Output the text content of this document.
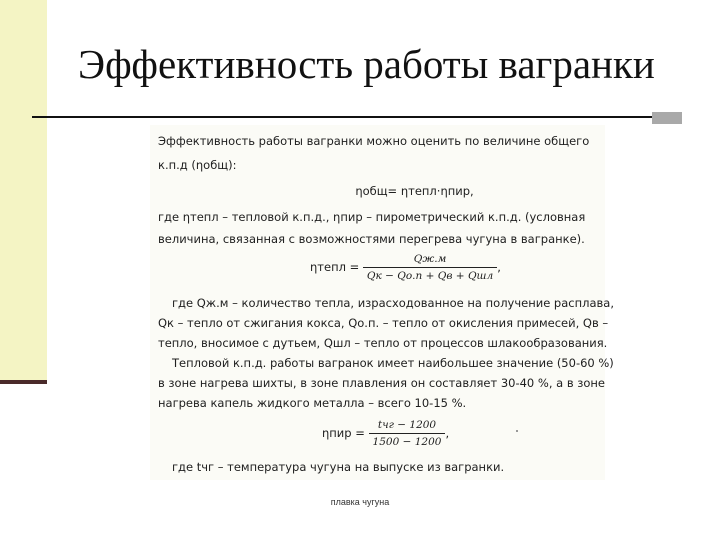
Эффективность работы вагранки
Эффективность работы вагранки можно оценить по величине общего
к.п.д (ηобщ):
ηобщ= ηтепл·ηпир,
где ηтепл – тепловой к.п.д., ηпир – пирометрический к.п.д. (условная
величина, связанная с возможностями перегрева чугуна в вагранке).
ηтепл = $\frac{Qж.м}{\text{Qк − Qо.п + Qв + Qшл}}$ ,
где Qж.м – количество тепла, израсходованное на получение расплава,
Qк – тепло от сжигания кокса, Qо.п. – тепло от окисления примесей, Qв –
тепло, вносимое с дутьем, Qшл – тепло от процессов шлакообразования.
Тепловой к.п.д. работы вагранок имеет наибольшее значение (50-60 %)
в зоне нагрева шихты, в зоне плавления он составляет 30-40 %, а в зоне
нагрева капель жидкого металла – всего 10-15 %.
$\eta пир = \frac{\text{tчг − 1200}}{1500 - 1200}$ ,
где tчг – температура чугуна на выпуске из вагранки.
плавка чугуна
